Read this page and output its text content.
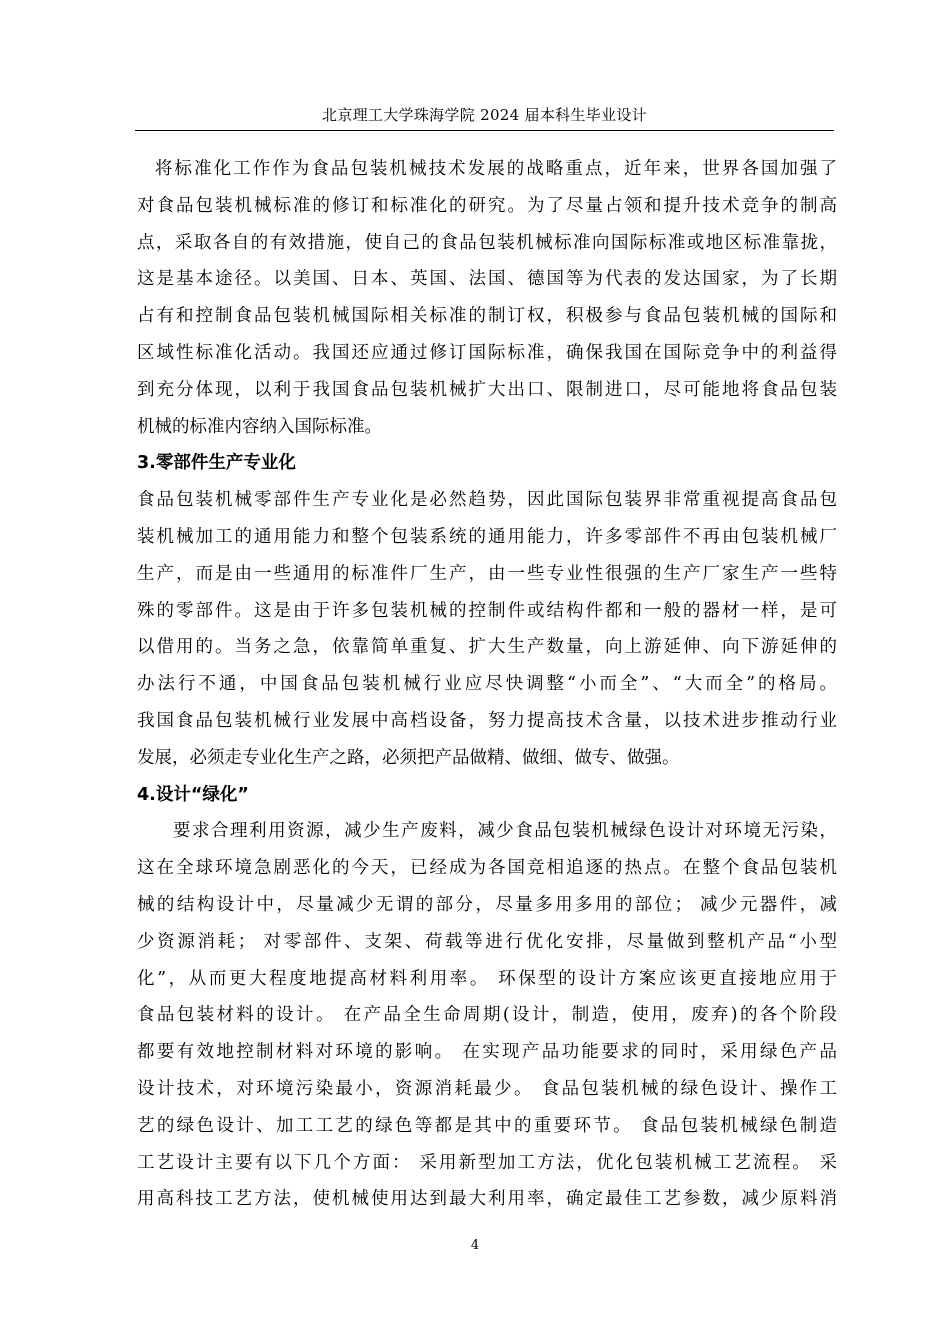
北京理工大学珠海学院 2024 届本科生毕业设计
将标准化工作作为食品包装机械技术发展的战略重点，近年来，世界各国加强了
对食品包装机械标准的修订和标准化的研究。为了尽量占领和提升技术竞争的制高
点，采取各自的有效措施，使自己的食品包装机械标准向国际标准或地区标准靠拢，
这是基本途径。以美国、日本、英国、法国、德国等为代表的发达国家，为了长期
占有和控制食品包装机械国际相关标准的制订权，积极参与食品包装机械的国际和
区域性标准化活动。我国还应通过修订国际标准，确保我国在国际竞争中的利益得
到充分体现，以利于我国食品包装机械扩大出口、限制进口，尽可能地将食品包装
机械的标准内容纳入国际标准。
3.零部件生产专业化
食品包装机械零部件生产专业化是必然趋势，因此国际包装界非常重视提高食品包
装机械加工的通用能力和整个包装系统的通用能力，许多零部件不再由包装机械厂
生产，而是由一些通用的标准件厂生产，由一些专业性很强的生产厂家生产一些特
殊的零部件。这是由于许多包装机械的控制件或结构件都和一般的器材一样，是可
以借用的。当务之急，依靠简单重复、扩大生产数量，向上游延伸、向下游延伸的
办法行不通，中国食品包装机械行业应尽快调整“小而全”、“大而全”的格局。
我国食品包装机械行业发展中高档设备，努力提高技术含量，以技术进步推动行业
发展，必须走专业化生产之路，必须把产品做精、做细、做专、做强。
4.设计“绿化”
要求合理利用资源，减少生产废料，减少食品包装机械绿色设计对环境无污染，
这在全球环境急剧恶化的今天，已经成为各国竞相追逐的热点。在整个食品包装机
械的结构设计中，尽量减少无谓的部分，尽量多用多用的部位； 减少元器件，减
少资源消耗； 对零部件、支架、荷载等进行优化安排，尽量做到整机产品“小型
化”，从而更大程度地提高材料利用率。 环保型的设计方案应该更直接地应用于
食品包装材料的设计。 在产品全生命周期(设计，制造，使用，废弃)的各个阶段
都要有效地控制材料对环境的影响。 在实现产品功能要求的同时，采用绿色产品
设计技术，对环境污染最小，资源消耗最少。 食品包装机械的绿色设计、操作工
艺的绿色设计、加工工艺的绿色等都是其中的重要环节。 食品包装机械绿色制造
工艺设计主要有以下几个方面： 采用新型加工方法，优化包装机械工艺流程。 采
用高科技工艺方法，使机械使用达到最大利用率，确定最佳工艺参数，减少原料消
4
